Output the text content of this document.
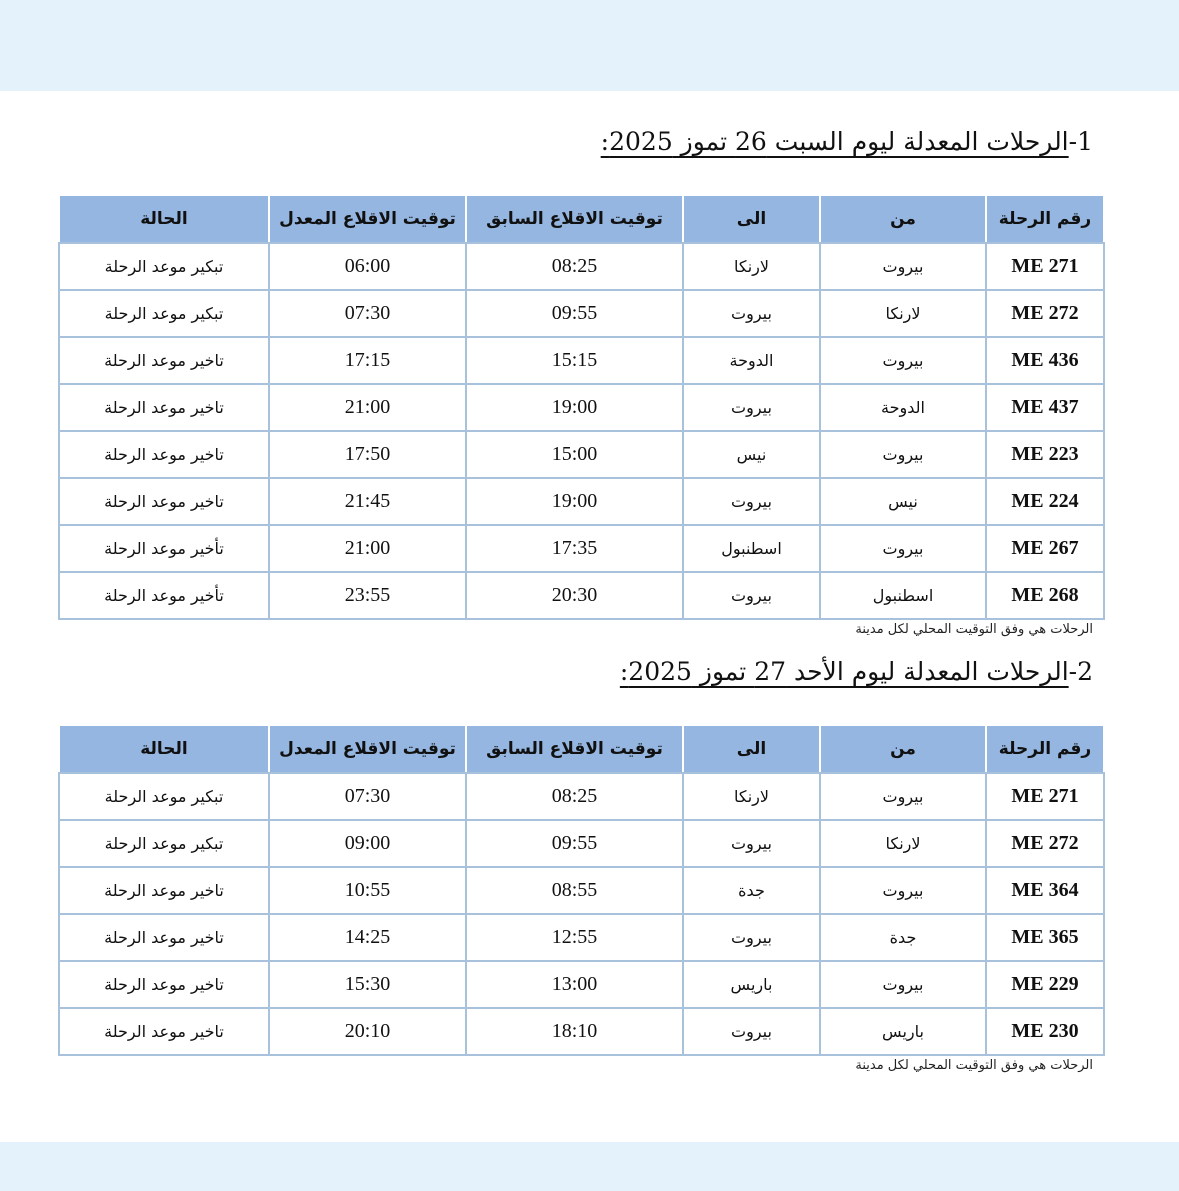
1-الرحلات المعدلة ليوم السبت 26 تموز 2025:
رقم الرحلة	من	الى	توقيت الاقلاع السابق	توقيت الاقلاع المعدل	الحالة
ME 271	بيروت	لارنكا	08:25	06:00	تبكير موعد الرحلة
ME 272	لارنكا	بيروت	09:55	07:30	تبكير موعد الرحلة
ME 436	بيروت	الدوحة	15:15	17:15	تاخير موعد الرحلة
ME 437	الدوحة	بيروت	19:00	21:00	تاخير موعد الرحلة
ME 223	بيروت	نيس	15:00	17:50	تاخير موعد الرحلة
ME 224	نيس	بيروت	19:00	21:45	تاخير موعد الرحلة
ME 267	بيروت	اسطنبول	17:35	21:00	تأخير موعد الرحلة
ME 268	اسطنبول	بيروت	20:30	23:55	تأخير موعد الرحلة
الرحلات هي وفق التوقيت المحلي لكل مدينة
2-الرحلات المعدلة ليوم الأحد 27 تموز 2025:
رقم الرحلة	من	الى	توقيت الاقلاع السابق	توقيت الاقلاع المعدل	الحالة
ME 271	بيروت	لارنكا	08:25	07:30	تبكير موعد الرحلة
ME 272	لارنكا	بيروت	09:55	09:00	تبكير موعد الرحلة
ME 364	بيروت	جدة	08:55	10:55	تاخير موعد الرحلة
ME 365	جدة	بيروت	12:55	14:25	تاخير موعد الرحلة
ME 229	بيروت	باريس	13:00	15:30	تاخير موعد الرحلة
ME 230	باريس	بيروت	18:10	20:10	تاخير موعد الرحلة
الرحلات هي وفق التوقيت المحلي لكل مدينة
